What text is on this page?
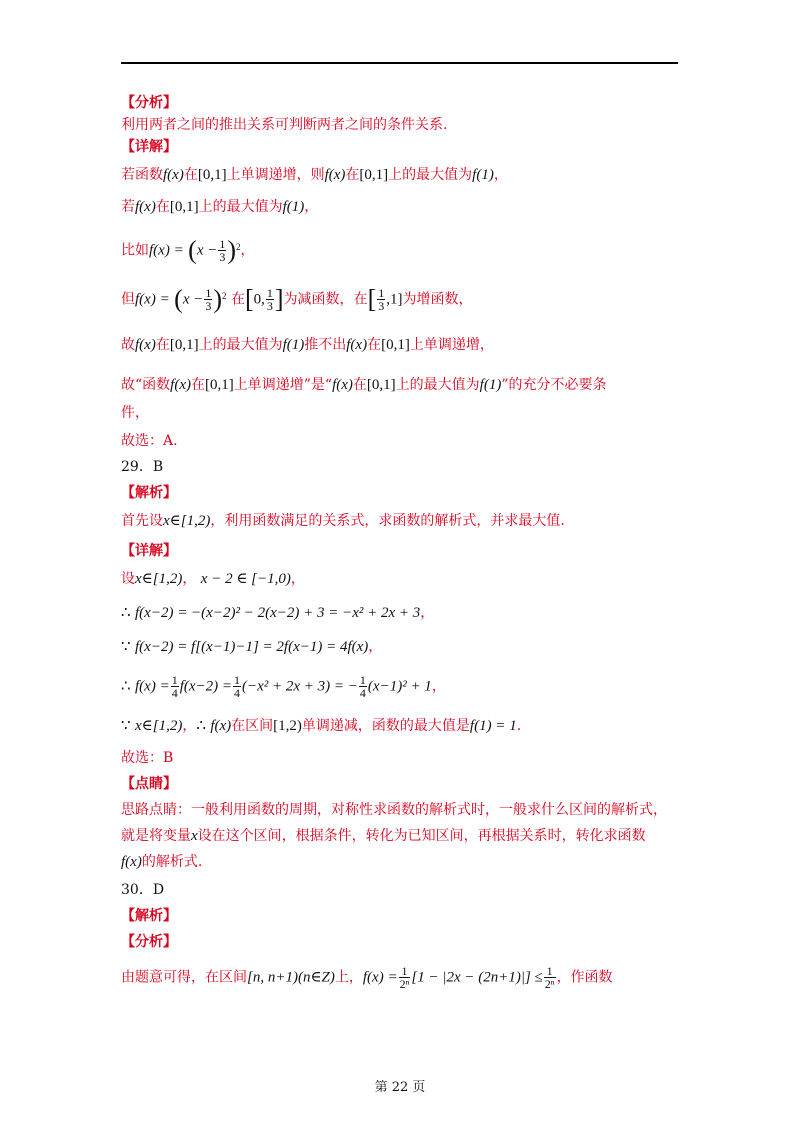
【分析】
利用两者之间的推出关系可判断两者之间的条件关系.
【详解】
若函数f(x)在[0,1]上单调递增，则f(x)在[0,1]上的最大值为f(1)，
若f(x)在[0,1]上的最大值为f(1)，
比如$f(x) = (x - \frac{1}{3} )^2$，
但$f(x) = (x - \frac{1}{3} )^2$ 在[0, $\frac{1}{3}$ ]为减函数，在[ $\frac{1}{3} ,1$]为增函数，
故f(x)在[0,1]上的最大值为f(1)推不出f(x)在[0,1]上单调递增，
故“函数f(x)在[0,1]上单调递增”是“f(x)在[0,1]上的最大值为f(1)”的充分不必要条
件，
故选：A.
29．B
【解析】
首先设x∈[1,2)，利用函数满足的关系式，求函数的解析式，并求最大值.
【详解】
设x∈[1,2)， x − 2 ∈ [−1,0)，
∴ f(x−2) = −(x−2)² − 2(x−2) + 3 = −x² + 2x + 3，
∵ f(x−2) = f[(x−1)−1] = 2f(x−1) = 4f(x)，
∴ $f(x) = \frac{1}{4} f(x-2) = \frac{1}{4} (-x^2 + 2x + 3)$ = − $\frac{1}{4} (x-1)^2 + 1$，
∵ x∈[1,2)，∴ f(x)在区间[1,2)单调递减，函数的最大值是f(1) = 1.
故选：B
【点睛】
思路点睛：一般利用函数的周期，对称性求函数的解析式时，一般求什么区间的解析式，
就是将变量x设在这个区间，根据条件，转化为已知区间，再根据关系时，转化求函数
f(x)的解析式.
30．D
【解析】
【分析】
由题意可得，在区间[n, n+1)(n∈Z)上，$f(x) = \frac{1}{\text{2ⁿ}} [1 - |2x - (2n+1)|] \le \frac{1}{\text{2ⁿ}}$ ，作函数
第 22 页
